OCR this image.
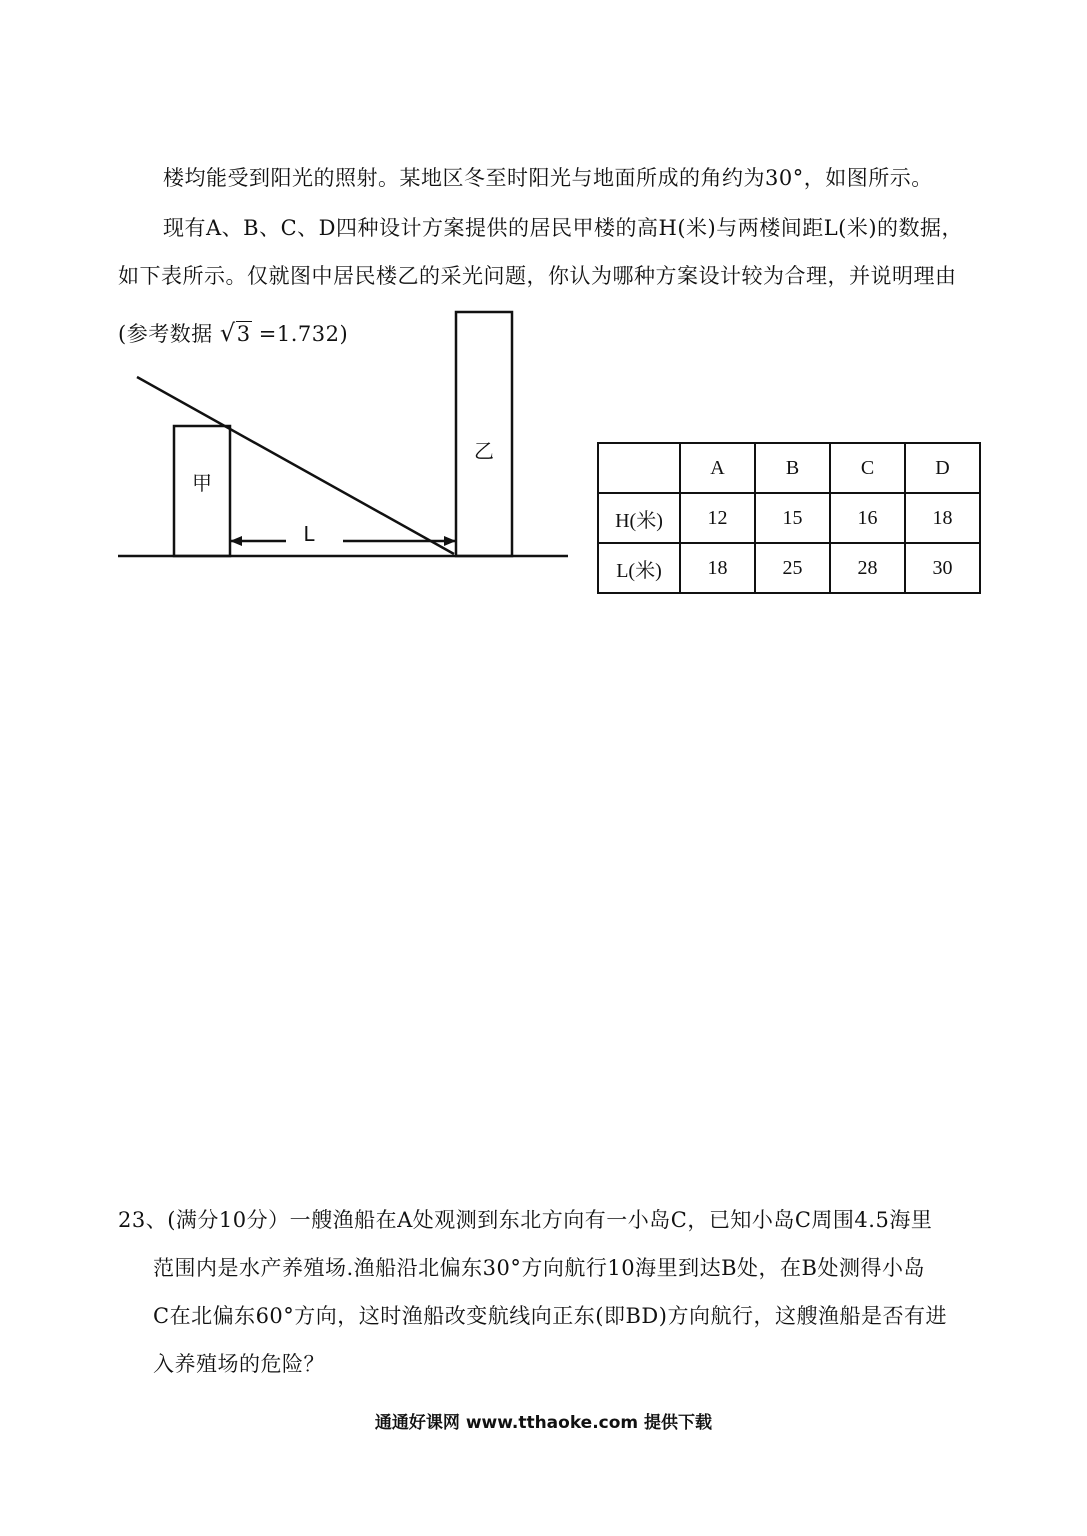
楼均能受到阳光的照射。某地区冬至时阳光与地面所成的角约为30°，如图所示。
现有A、B、C、D四种设计方案提供的居民甲楼的高H(米)与两楼间距L(米)的数据，
如下表所示。仅就图中居民楼乙的采光问题，你认为哪种方案设计较为合理，并说明理由
(参考数据 √3 =1.732)
甲
乙
L
	A	B	C	D
H(米)	12	15	16	18
L(米)	18	25	28	30
23、(满分10分）一艘渔船在A处观测到东北方向有一小岛C，已知小岛C周围4.5海里
范围内是水产养殖场.渔船沿北偏东30°方向航行10海里到达B处，在B处测得小岛
C在北偏东60°方向，这时渔船改变航线向正东(即BD)方向航行，这艘渔船是否有进
入养殖场的危险？
通通好课网 www.tthaoke.com 提供下载
